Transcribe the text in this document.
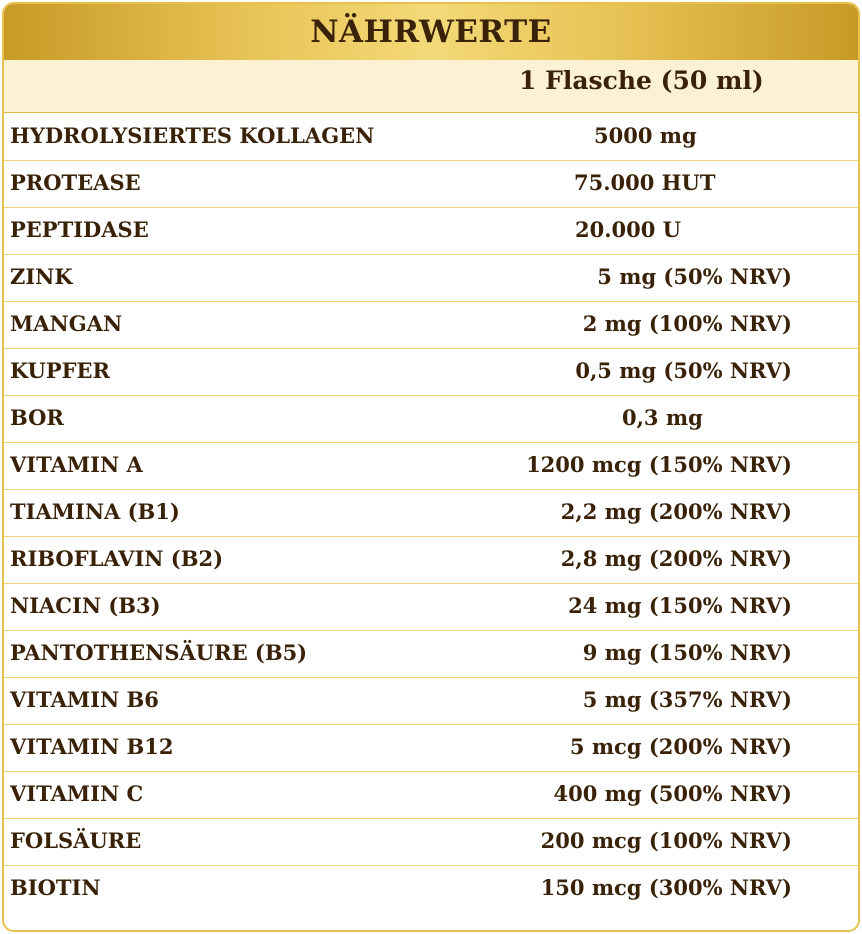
NÄHRWERTE
1 Flasche (50 ml)
HYDROLYSIERTES KOLLAGEN	5000 mg
PROTEASE	75.000 HUT
PEPTIDASE	20.000 U
ZINK	5 mg (50% NRV)
MANGAN	2 mg (100% NRV)
KUPFER	0,5 mg (50% NRV)
BOR	0,3 mg
VITAMIN A	1200 mcg (150% NRV)
TIAMINA (B1)	2,2 mg (200% NRV)
RIBOFLAVIN (B2)	2,8 mg (200% NRV)
NIACIN (B3)	24 mg (150% NRV)
PANTOTHENSÄURE (B5)	9 mg (150% NRV)
VITAMIN B6	5 mg (357% NRV)
VITAMIN B12	5 mcg (200% NRV)
VITAMIN C	400 mg (500% NRV)
FOLSÄURE	200 mcg (100% NRV)
BIOTIN	150 mcg (300% NRV)
